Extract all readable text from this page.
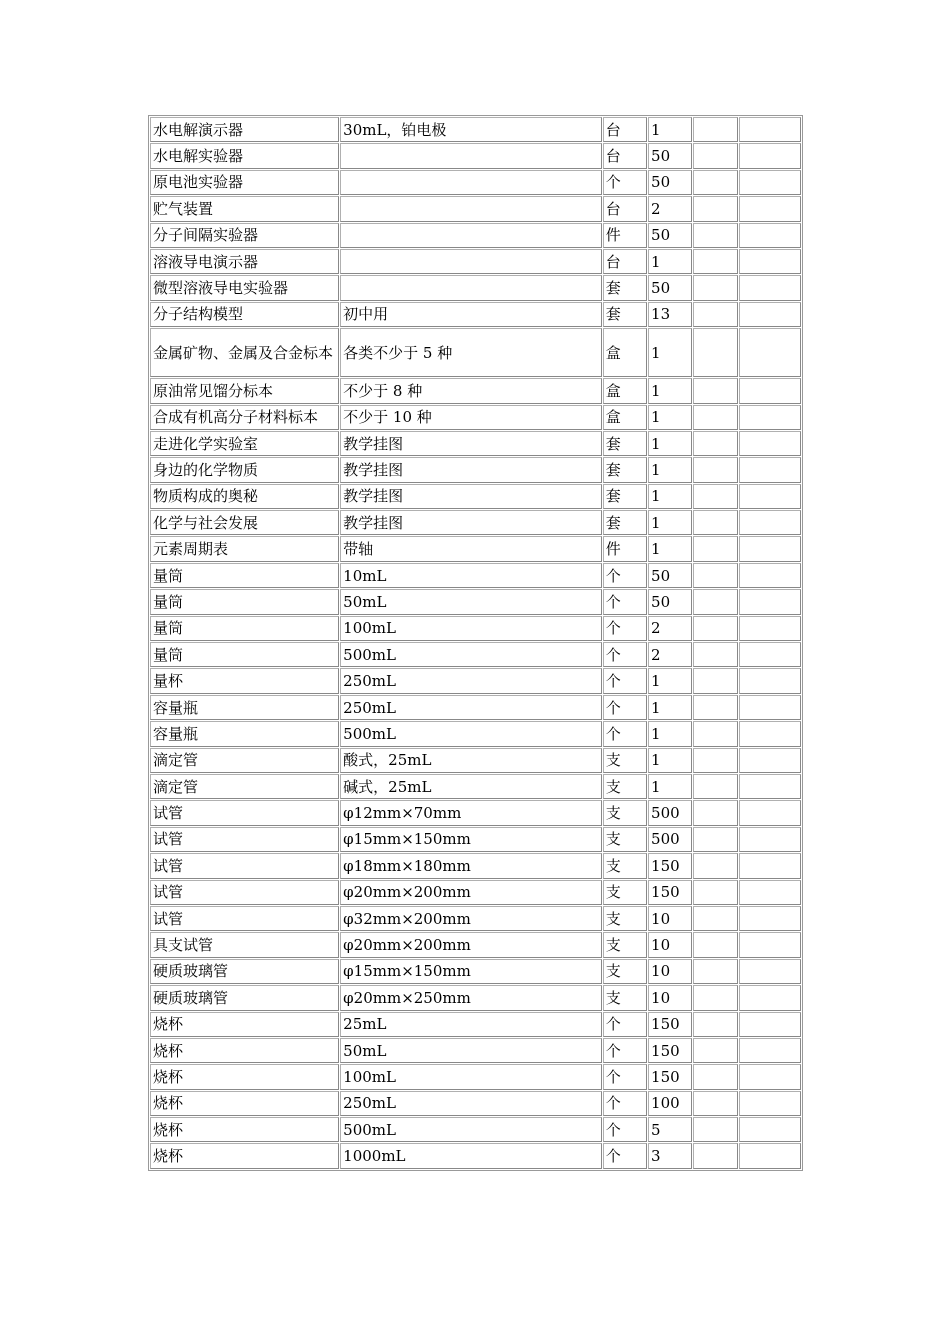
水电解演示器	30mL，铂电极	台	1		
水电解实验器		台	50		
原电池实验器		个	50		
贮气装置		台	2		
分子间隔实验器		件	50		
溶液导电演示器		台	1		
微型溶液导电实验器		套	50		
分子结构模型	初中用	套	13		
金属矿物、金属及合金标本	各类不少于 5 种	盒	1		
原油常见馏分标本	不少于 8 种	盒	1		
合成有机高分子材料标本	不少于 10 种	盒	1		
走进化学实验室	教学挂图	套	1		
身边的化学物质	教学挂图	套	1		
物质构成的奥秘	教学挂图	套	1		
化学与社会发展	教学挂图	套	1		
元素周期表	带轴	件	1		
量筒	10mL	个	50		
量筒	50mL	个	50		
量筒	100mL	个	2		
量筒	500mL	个	2		
量杯	250mL	个	1		
容量瓶	250mL	个	1		
容量瓶	500mL	个	1		
滴定管	酸式，25mL	支	1		
滴定管	碱式，25mL	支	1		
试管	φ12mm×70mm	支	500		
试管	φ15mm×150mm	支	500		
试管	φ18mm×180mm	支	150		
试管	φ20mm×200mm	支	150		
试管	φ32mm×200mm	支	10		
具支试管	φ20mm×200mm	支	10		
硬质玻璃管	φ15mm×150mm	支	10		
硬质玻璃管	φ20mm×250mm	支	10		
烧杯	25mL	个	150		
烧杯	50mL	个	150		
烧杯	100mL	个	150		
烧杯	250mL	个	100		
烧杯	500mL	个	5		
烧杯	1000mL	个	3		
